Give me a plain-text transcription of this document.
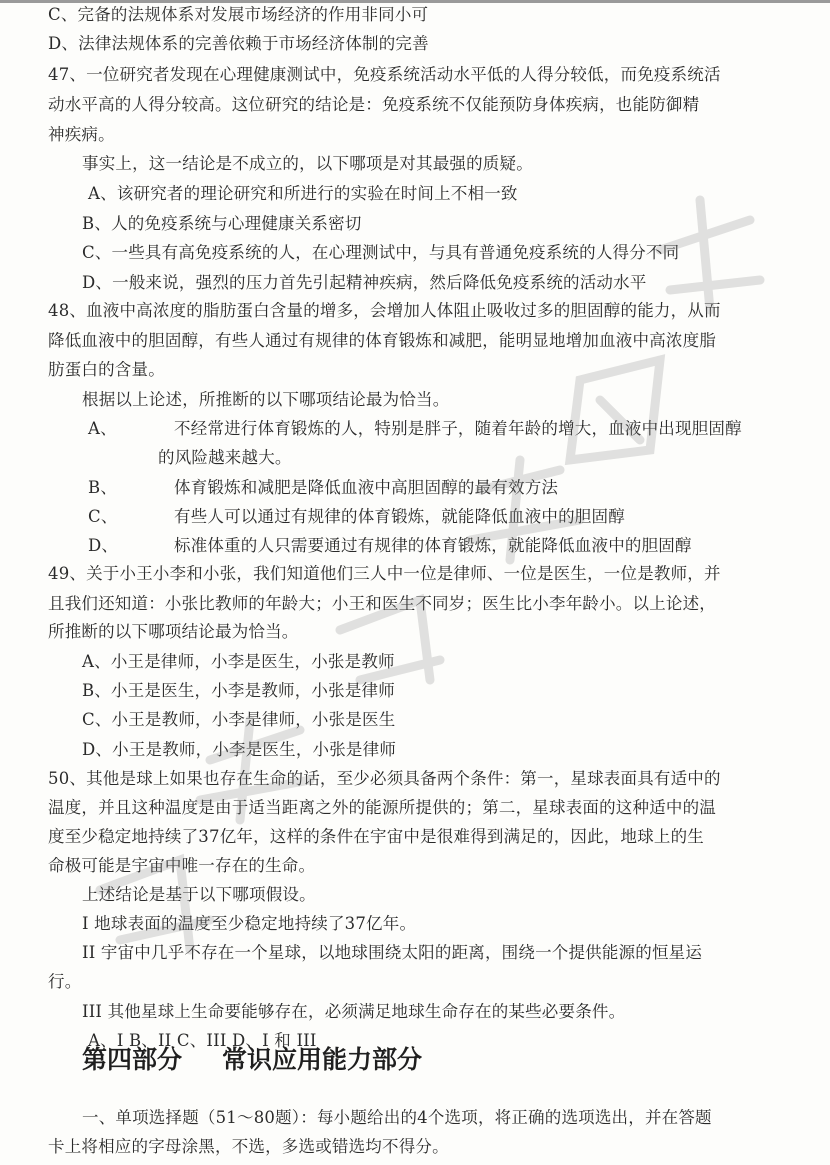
C、完备的法规体系对发展市场经济的作用非同小可
D、法律法规体系的完善依赖于市场经济体制的完善
47、一位研究者发现在心理健康测试中，免疫系统活动水平低的人得分较低，而免疫系统活
动水平高的人得分较高。这位研究的结论是：免疫系统不仅能预防身体疾病，也能防御精
神疾病。
事实上，这一结论是不成立的，以下哪项是对其最强的质疑。
A、该研究者的理论研究和所进行的实验在时间上不相一致
B、人的免疫系统与心理健康关系密切
C、一些具有高免疫系统的人，在心理测试中，与具有普通免疫系统的人得分不同
D、一般来说，强烈的压力首先引起精神疾病，然后降低免疫系统的活动水平
48、血液中高浓度的脂肪蛋白含量的增多，会增加人体阻止吸收过多的胆固醇的能力，从而
降低血液中的胆固醇，有些人通过有规律的体育锻炼和减肥，能明显地增加血液中高浓度脂
肪蛋白的含量。
根据以上论述，所推断的以下哪项结论最为恰当。
A、	不经常进行体育锻炼的人，特别是胖子，随着年龄的增大，血液中出现胆固醇
的风险越来越大。
B、	体育锻炼和减肥是降低血液中高胆固醇的最有效方法
C、	有些人可以通过有规律的体育锻炼，就能降低血液中的胆固醇
D、	标准体重的人只需要通过有规律的体育锻炼，就能降低血液中的胆固醇
49、关于小王小李和小张，我们知道他们三人中一位是律师、一位是医生，一位是教师，并
且我们还知道：小张比教师的年龄大；小王和医生不同岁；医生比小李年龄小。以上论述，
所推断的以下哪项结论最为恰当。
A、小王是律师，小李是医生，小张是教师
B、小王是医生，小李是教师，小张是律师
C、小王是教师，小李是律师，小张是医生
D、小王是教师，小李是医生，小张是律师
50、其他是球上如果也存在生命的话，至少必须具备两个条件：第一，星球表面具有适中的
温度，并且这种温度是由于适当距离之外的能源所提供的；第二，星球表面的这种适中的温
度至少稳定地持续了37亿年，这样的条件在宇宙中是很难得到满足的，因此，地球上的生
命极可能是宇宙中唯一存在的生命。
上述结论是基于以下哪项假设。
I 地球表面的温度至少稳定地持续了37亿年。
II 宇宙中几乎不存在一个星球，以地球围绕太阳的距离，围绕一个提供能源的恒星运
行。
III 其他星球上生命要能够存在，必须满足地球生命存在的某些必要条件。
A、I B、II C、III D、I 和 III
一、单项选择题（51～80题）：每小题给出的4个选项，将正确的选项选出，并在答题
卡上将相应的字母涂黑，不选，多选或错选均不得分。
第四部分 常识应用能力部分
